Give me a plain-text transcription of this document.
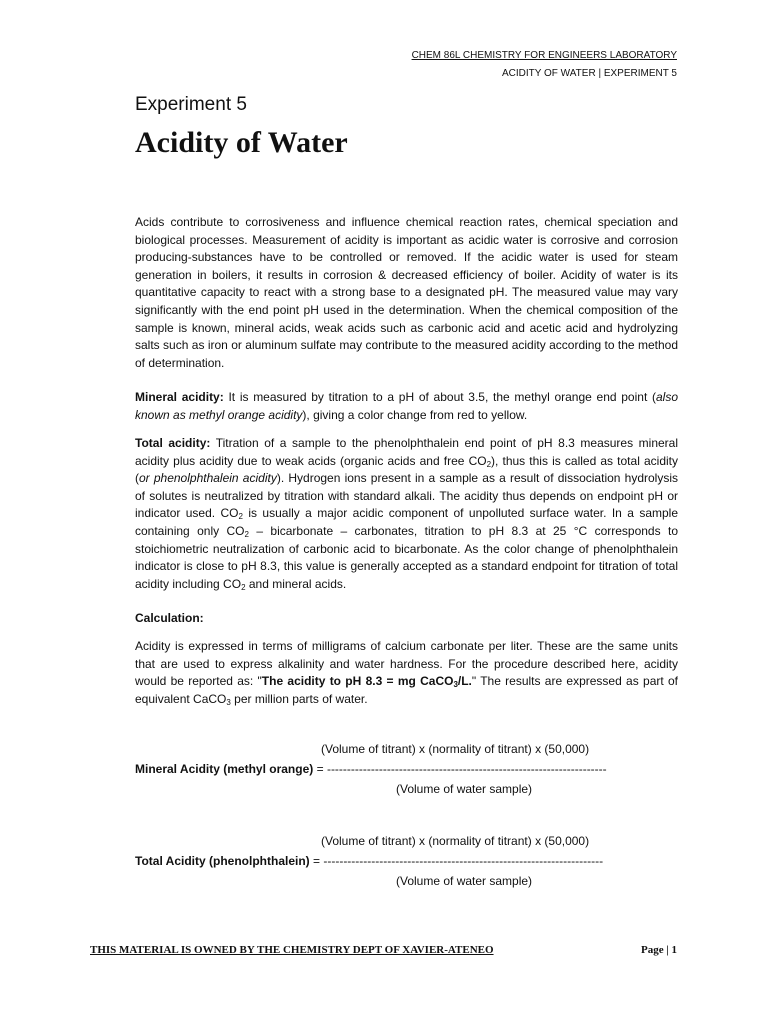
CHEM 86L CHEMISTRY FOR ENGINEERS LABORATORY
ACIDITY OF WATER | EXPERIMENT 5
Experiment 5
Acidity of Water
Acids contribute to corrosiveness and influence chemical reaction rates, chemical speciation and biological processes. Measurement of acidity is important as acidic water is corrosive and corrosion producing-substances have to be controlled or removed. If the acidic water is used for steam generation in boilers, it results in corrosion & decreased efficiency of boiler. Acidity of water is its quantitative capacity to react with a strong base to a designated pH. The measured value may vary significantly with the end point pH used in the determination. When the chemical composition of the sample is known, mineral acids, weak acids such as carbonic acid and acetic acid and hydrolyzing salts such as iron or aluminum sulfate may contribute to the measured acidity according to the method of determination.
Mineral acidity: It is measured by titration to a pH of about 3.5, the methyl orange end point (also known as methyl orange acidity), giving a color change from red to yellow.
Total acidity: Titration of a sample to the phenolphthalein end point of pH 8.3 measures mineral acidity plus acidity due to weak acids (organic acids and free $CO_2$), thus this is called as total acidity (or phenolphthalein acidity). Hydrogen ions present in a sample as a result of dissociation hydrolysis of solutes is neutralized by titration with standard alkali. The acidity thus depends on endpoint pH or indicator used. $CO_2$ is usually a major acidic component of unpolluted surface water. In a sample containing only $CO_2$ – bicarbonate – carbonates, titration to pH 8.3 at 25 °C corresponds to stoichiometric neutralization of carbonic acid to bicarbonate. As the color change of phenolphthalein indicator is close to pH 8.3, this value is generally accepted as a standard endpoint for titration of total acidity including $CO_2$ and mineral acids.
Calculation:
Acidity is expressed in terms of milligrams of calcium carbonate per liter. These are the same units that are used to express alkalinity and water hardness. For the procedure described here, acidity would be reported as: "The acidity to pH 8.3 = mg CaCO$_3$/L." The results are expressed as part of equivalent CaCO$_3$ per million parts of water.
(Volume of titrant) x (normality of titrant) x (50,000)
Mineral Acidity (methyl orange) = ----------------------------------------------------------------------
(Volume of water sample)
(Volume of titrant) x (normality of titrant) x (50,000)
Total Acidity (phenolphthalein) = ----------------------------------------------------------------------
(Volume of water sample)
THIS MATERIAL IS OWNED BY THE CHEMISTRY DEPT OF XAVIER-ATENEO	Page | 1
